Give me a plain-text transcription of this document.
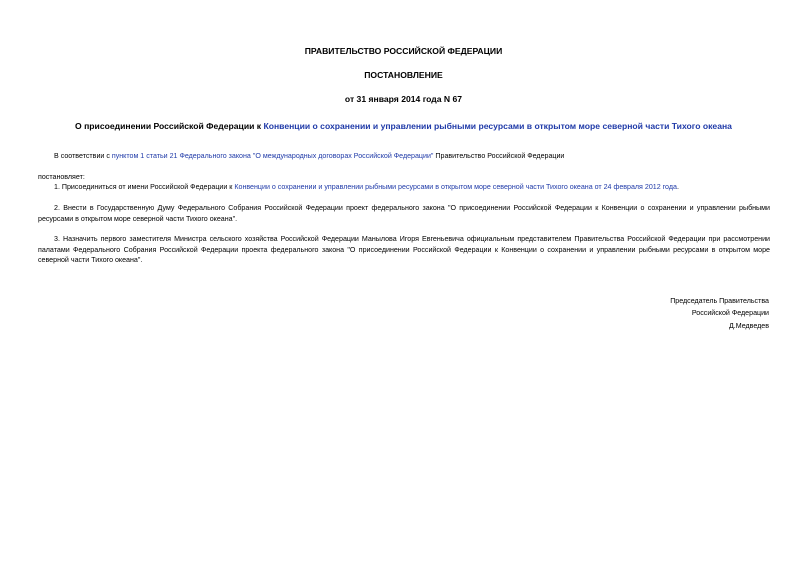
ПРАВИТЕЛЬСТВО РОССИЙСКОЙ ФЕДЕРАЦИИ
ПОСТАНОВЛЕНИЕ
от 31 января 2014 года N 67
О присоединении Российской Федерации к Конвенции о сохранении и управлении рыбными ресурсами в открытом море северной части Тихого океана
В соответствии с пунктом 1 статьи 21 Федерального закона "О международных договорах Российской Федерации" Правительство Российской Федерации
постановляет:
1. Присоединиться от имени Российской Федерации к Конвенции о сохранении и управлении рыбными ресурсами в открытом море северной части Тихого океана от 24 февраля 2012 года.
2. Внести в Государственную Думу Федерального Собрания Российской Федерации проект федерального закона "О присоединении Российской Федерации к Конвенции о сохранении и управлении рыбными ресурсами в открытом море северной части Тихого океана".
3. Назначить первого заместителя Министра сельского хозяйства Российской Федерации Манылова Игоря Евгеньевича официальным представителем Правительства Российской Федерации при рассмотрении палатами Федерального Собрания Российской Федерации проекта федерального закона "О присоединении Российской Федерации к Конвенции о сохранении и управлении рыбными ресурсами в открытом море северной части Тихого океана".
Председатель Правительства
Российской Федерации
Д.Медведев
